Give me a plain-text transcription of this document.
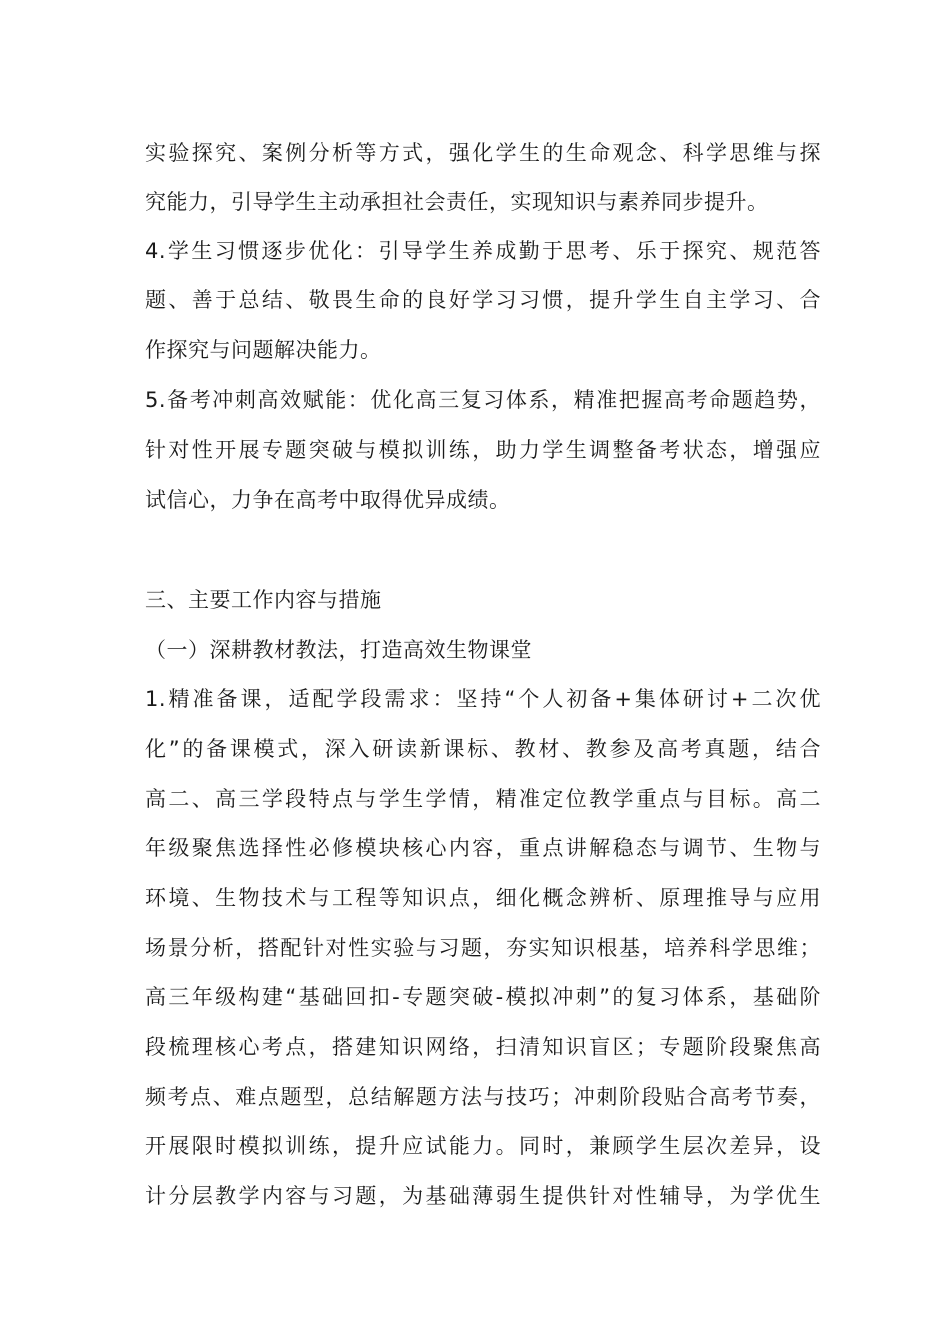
实验探究、案例分析等方式，强化学生的生命观念、科学思维与探
究能力，引导学生主动承担社会责任，实现知识与素养同步提升。
4.学生习惯逐步优化：引导学生养成勤于思考、乐于探究、规范答
题、善于总结、敬畏生命的良好学习习惯，提升学生自主学习、合
作探究与问题解决能力。
5.备考冲刺高效赋能：优化高三复习体系，精准把握高考命题趋势，
针对性开展专题突破与模拟训练，助力学生调整备考状态，增强应
试信心，力争在高考中取得优异成绩。
三、主要工作内容与措施
（一）深耕教材教法，打造高效生物课堂
1.精准备课，适配学段需求：坚持“个人初备+集体研讨+二次优
化”的备课模式，深入研读新课标、教材、教参及高考真题，结合
高二、高三学段特点与学生学情，精准定位教学重点与目标。高二
年级聚焦选择性必修模块核心内容，重点讲解稳态与调节、生物与
环境、生物技术与工程等知识点，细化概念辨析、原理推导与应用
场景分析，搭配针对性实验与习题，夯实知识根基，培养科学思维；
高三年级构建“基础回扣-专题突破-模拟冲刺”的复习体系，基础阶
段梳理核心考点，搭建知识网络，扫清知识盲区；专题阶段聚焦高
频考点、难点题型，总结解题方法与技巧；冲刺阶段贴合高考节奏，
开展限时模拟训练，提升应试能力。同时，兼顾学生层次差异，设
计分层教学内容与习题，为基础薄弱生提供针对性辅导，为学优生
